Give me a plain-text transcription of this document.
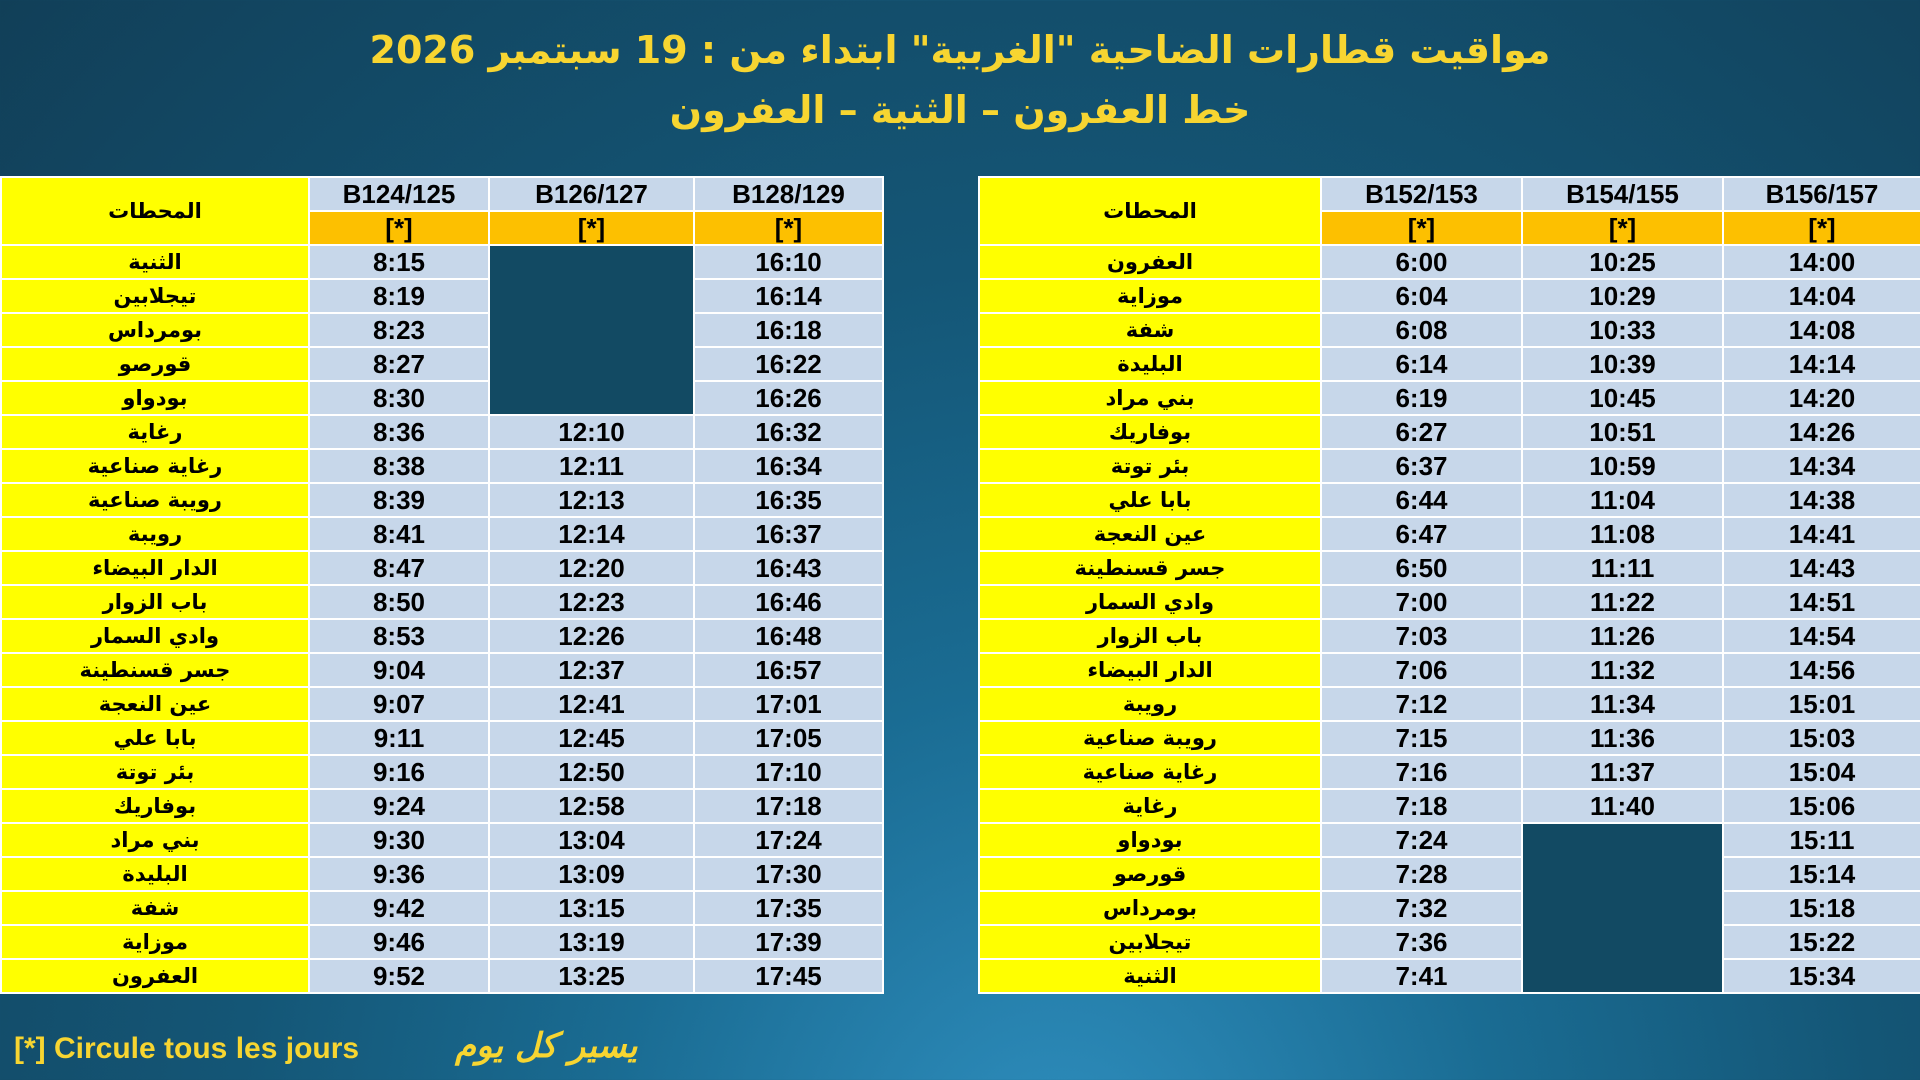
مواقيت قطارات الضاحية "الغربية" ابتداء من : 19 سبتمبر 2026
خط العفرون – الثنية – العفرون
المحطات	B124/125	B126/127	B128/129
	[*]	[*]	[*]
الثنية	8:15		16:10
تيجلابين	8:19		16:14
بومرداس	8:23		16:18
قورصو	8:27		16:22
بودواو	8:30		16:26
رغاية	8:36	12:10	16:32
رغاية صناعية	8:38	12:11	16:34
رويبة صناعية	8:39	12:13	16:35
رويبة	8:41	12:14	16:37
الدار البيضاء	8:47	12:20	16:43
باب الزوار	8:50	12:23	16:46
وادي السمار	8:53	12:26	16:48
جسر قسنطينة	9:04	12:37	16:57
عين النعجة	9:07	12:41	17:01
بابا علي	9:11	12:45	17:05
بئر توتة	9:16	12:50	17:10
بوفاريك	9:24	12:58	17:18
بني مراد	9:30	13:04	17:24
البليدة	9:36	13:09	17:30
شفة	9:42	13:15	17:35
موزاية	9:46	13:19	17:39
العفرون	9:52	13:25	17:45
المحطات	B152/153	B154/155	B156/157
	[*]	[*]	[*]
العفرون	6:00	10:25	14:00
موزاية	6:04	10:29	14:04
شفة	6:08	10:33	14:08
البليدة	6:14	10:39	14:14
بني مراد	6:19	10:45	14:20
بوفاريك	6:27	10:51	14:26
بئر توتة	6:37	10:59	14:34
بابا علي	6:44	11:04	14:38
عين النعجة	6:47	11:08	14:41
جسر قسنطينة	6:50	11:11	14:43
وادي السمار	7:00	11:22	14:51
باب الزوار	7:03	11:26	14:54
الدار البيضاء	7:06	11:32	14:56
رويبة	7:12	11:34	15:01
رويبة صناعية	7:15	11:36	15:03
رغاية صناعية	7:16	11:37	15:04
رغاية	7:18	11:40	15:06
بودواو	7:24		15:11
قورصو	7:28		15:14
بومرداس	7:32		15:18
تيجلابين	7:36		15:22
الثنية	7:41		15:34
[*] Circule tous les jours	يسير كل يوم
